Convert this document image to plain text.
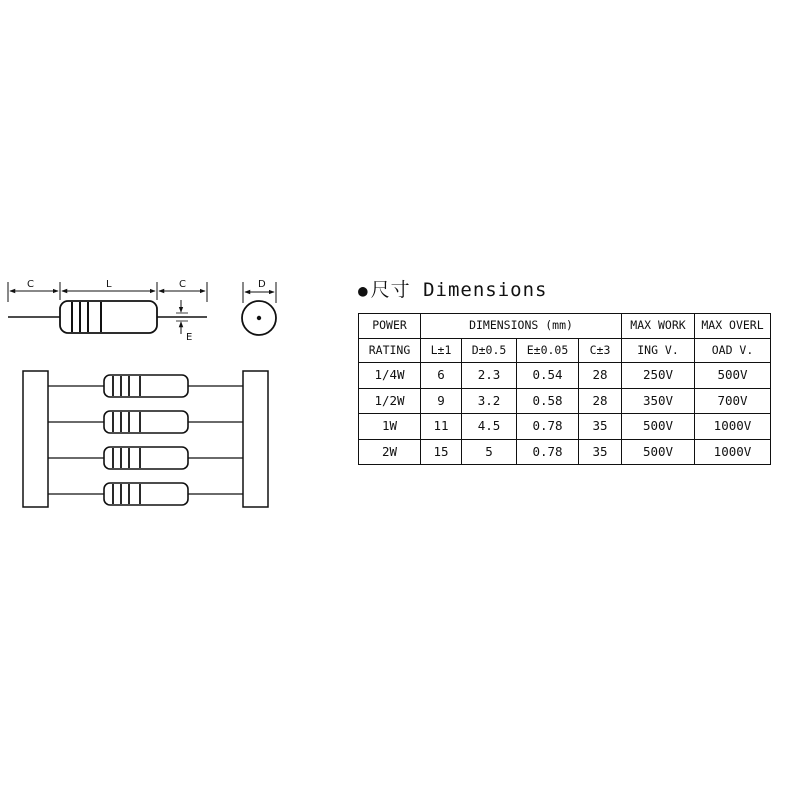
C	L	C
E
D	● 尺寸 Dimensions
POWER	DIMENSIONS (mm)				MAX WORK	MAX OVERL
RATING	L±1	D±0.5	E±0.05	C±3	ING V.	OAD V.
1/4W	6	2.3	0.54	28	250V	500V
1/2W	9	3.2	0.58	28	350V	700V
1W	11	4.5	0.78	35	500V	1000V
2W	15	5	0.78	35	500V	1000V
